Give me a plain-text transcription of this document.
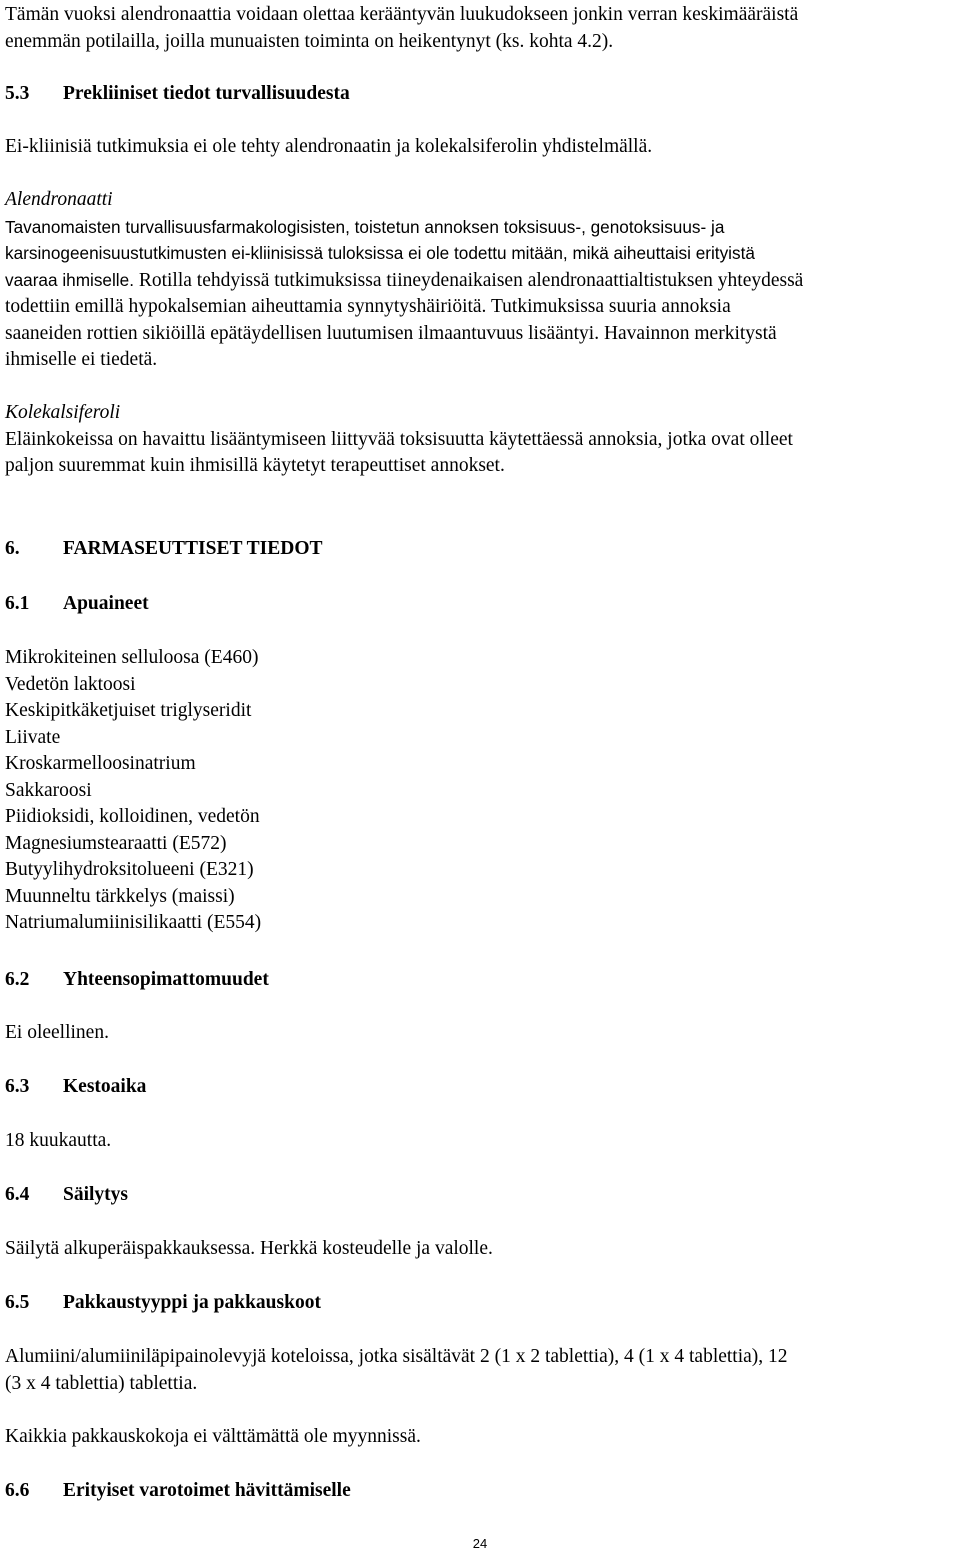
Tämän vuoksi alendronaattia voidaan olettaa kerääntyvän luukudokseen jonkin verran keskimääräistä
enemmän potilailla, joilla munuaisten toiminta on heikentynyt (ks. kohta 4.2).

5.3 Prekliiniset tiedot turvallisuudesta

Ei-kliinisiä tutkimuksia ei ole tehty alendronaatin ja kolekalsiferolin yhdistelmällä.

Alendronaatti
Tavanomaisten turvallisuusfarmakologisisten, toistetun annoksen toksisuus-, genotoksisuus- ja
karsinogeenisuustutkimusten ei-kliinisissä tuloksissa ei ole todettu mitään, mikä aiheuttaisi erityistä
vaaraa ihmiselle. Rotilla tehdyissä tutkimuksissa tiineydenaikaisen alendronaattialtistuksen yhteydessä
todettiin emillä hypokalsemian aiheuttamia synnytyshäiriöitä. Tutkimuksissa suuria annoksia
saaneiden rottien sikiöillä epätäydellisen luutumisen ilmaantuvuus lisääntyi. Havainnon merkitystä
ihmiselle ei tiedetä.
Kolekalsiferoli
Eläinkokeissa on havaittu lisääntymiseen liittyvää toksisuutta käytettäessä annoksia, jotka ovat olleet
paljon suuremmat kuin ihmisillä käytetyt terapeuttiset annokset.

6. FARMASEUTTISET TIEDOT

6.1 Apuaineet

Mikrokiteinen selluloosa (E460)
Vedetön laktoosi
Keskipitkäketjuiset triglyseridit
Liivate
Kroskarmelloosinatrium
Sakkaroosi
Piidioksidi, kolloidinen, vedetön
Magnesiumstearaatti (E572)
Butyylihydroksitolueeni (E321)
Muunneltu tärkkelys (maissi)
Natriumalumiinisilikaatti (E554)

6.2 Yhteensopimattomuudet

Ei oleellinen.

6.3 Kestoaika

18 kuukautta.

6.4 Säilytys

Säilytä alkuperäispakkauksessa. Herkkä kosteudelle ja valolle.

6.5 Pakkaustyyppi ja pakkauskoot

Alumiini/alumiiniläpipainolevyjä koteloissa, jotka sisältävät 2 (1 x 2 tablettia), 4 (1 x 4 tablettia), 12
(3 x 4 tablettia) tablettia.

Kaikkia pakkauskokoja ei välttämättä ole myynnissä.

6.6 Erityiset varotoimet hävittämiselle

24
